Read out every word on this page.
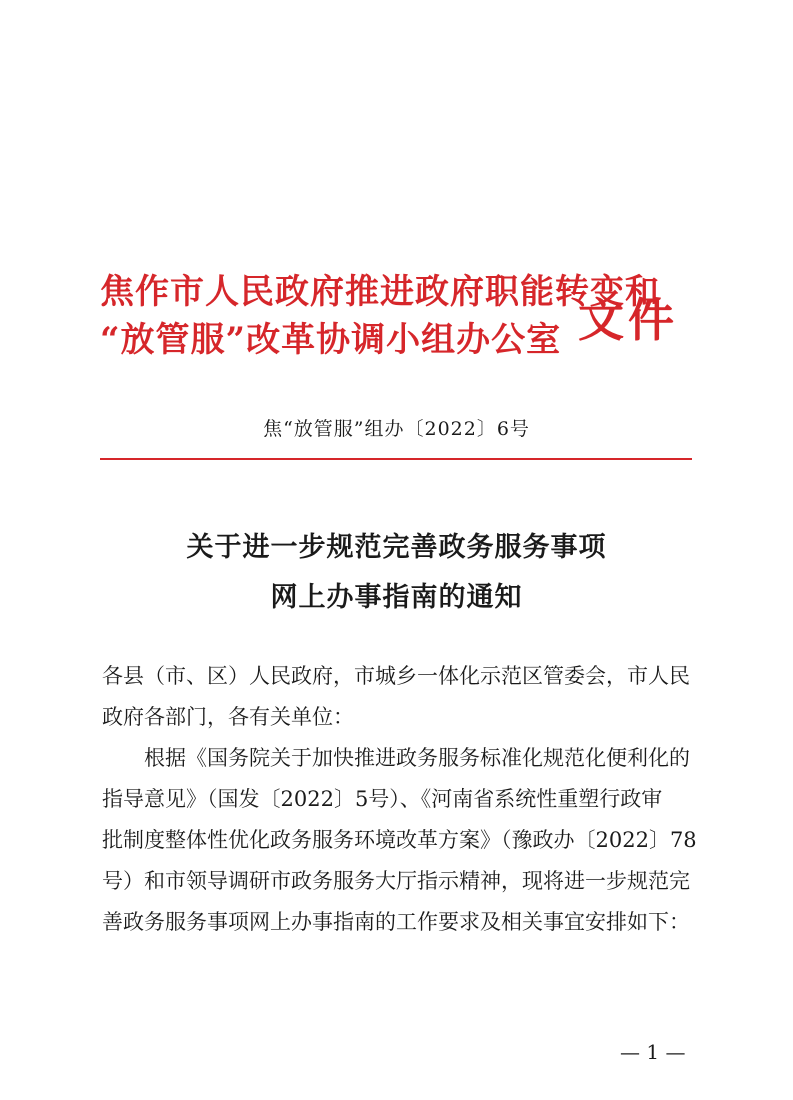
焦作市人民政府推进政府职能转变和
“放管服”改革协调小组办公室 文件
焦“放管服”组办〔2022〕6号
关于进一步规范完善政务服务事项
网上办事指南的通知
各县（市、区）人民政府，市城乡一体化示范区管委会，市人民
政府各部门，各有关单位：
根据《国务院关于加快推进政务服务标准化规范化便利化的
指导意见》（国发〔2022〕5号）、《河南省系统性重塑行政审
批制度整体性优化政务服务环境改革方案》（豫政办〔2022〕78
号）和市领导调研市政务服务大厅指示精神，现将进一步规范完
善政务服务事项网上办事指南的工作要求及相关事宜安排如下：
— 1 —
